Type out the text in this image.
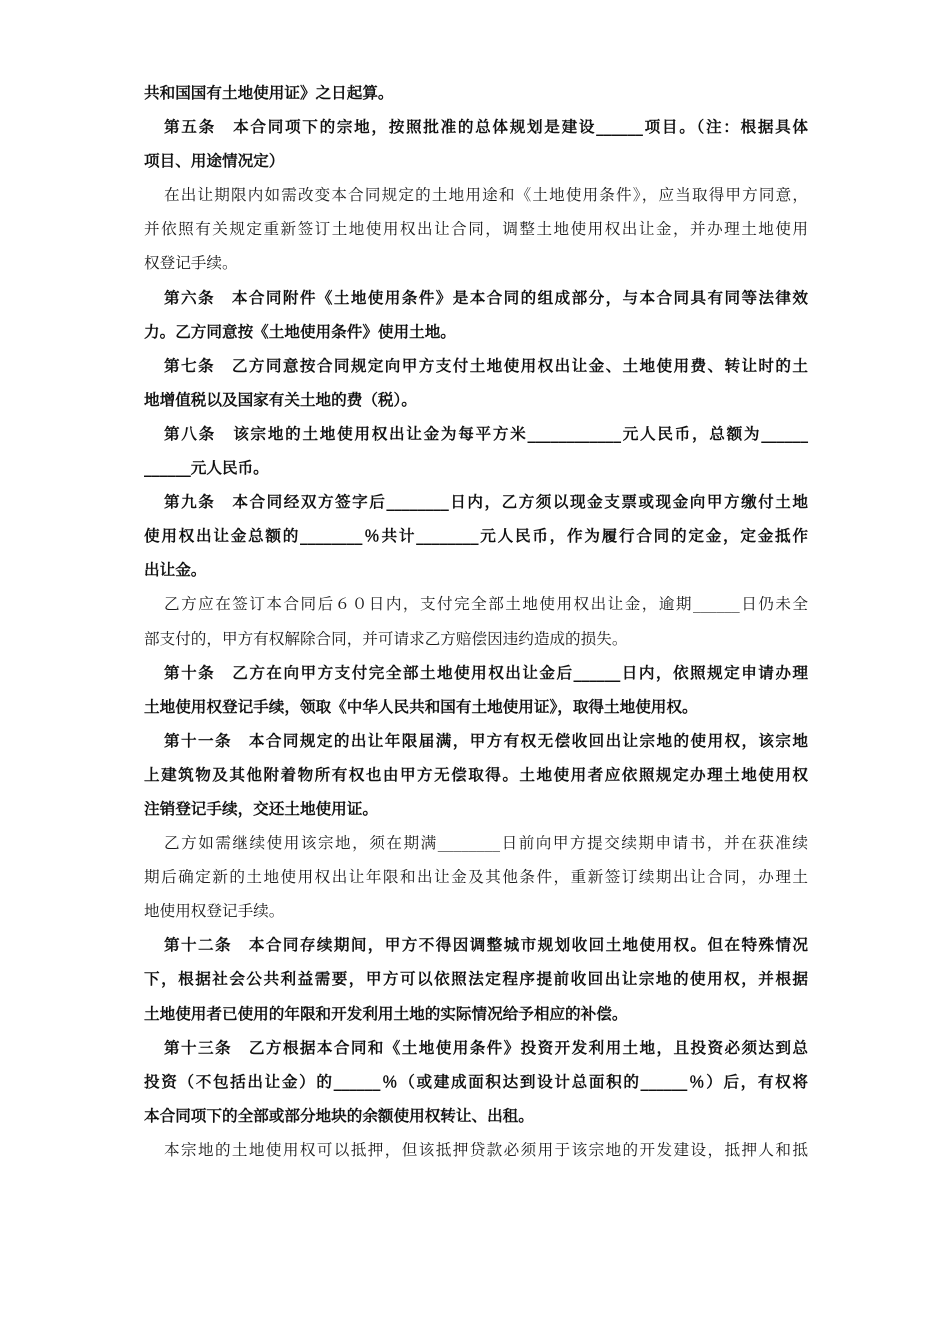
共和国国有土地使用证》之日起算。
第五条　本合同项下的宗地，按照批准的总体规划是建设______项目。（注：根据具体
项目、用途情况定）
在出让期限内如需改变本合同规定的土地用途和《土地使用条件》，应当取得甲方同意，
并依照有关规定重新签订土地使用权出让合同，调整土地使用权出让金，并办理土地使用
权登记手续。
第六条　本合同附件《土地使用条件》是本合同的组成部分，与本合同具有同等法律效
力。乙方同意按《土地使用条件》使用土地。
第七条　乙方同意按合同规定向甲方支付土地使用权出让金、土地使用费、转让时的土
地增值税以及国家有关土地的费（税）。
第八条　该宗地的土地使用权出让金为每平方米____________元人民币，总额为______
______元人民币。
第九条　本合同经双方签字后________日内，乙方须以现金支票或现金向甲方缴付土地
使用权出让金总额的________％共计________元人民币，作为履行合同的定金，定金抵作
出让金。
乙方应在签订本合同后６０日内，支付完全部土地使用权出让金，逾期______日仍未全
部支付的，甲方有权解除合同，并可请求乙方赔偿因违约造成的损失。
第十条　乙方在向甲方支付完全部土地使用权出让金后______日内，依照规定申请办理
土地使用权登记手续，领取《中华人民共和国有土地使用证》，取得土地使用权。
第十一条　本合同规定的出让年限届满，甲方有权无偿收回出让宗地的使用权，该宗地
上建筑物及其他附着物所有权也由甲方无偿取得。土地使用者应依照规定办理土地使用权
注销登记手续，交还土地使用证。
乙方如需继续使用该宗地，须在期满________日前向甲方提交续期申请书，并在获准续
期后确定新的土地使用权出让年限和出让金及其他条件，重新签订续期出让合同，办理土
地使用权登记手续。
第十二条　本合同存续期间，甲方不得因调整城市规划收回土地使用权。但在特殊情况
下，根据社会公共利益需要，甲方可以依照法定程序提前收回出让宗地的使用权，并根据
土地使用者已使用的年限和开发利用土地的实际情况给予相应的补偿。
第十三条　乙方根据本合同和《土地使用条件》投资开发利用土地，且投资必须达到总
投资（不包括出让金）的______％（或建成面积达到设计总面积的______％）后，有权将
本合同项下的全部或部分地块的余额使用权转让、出租。
本宗地的土地使用权可以抵押，但该抵押贷款必须用于该宗地的开发建设，抵押人和抵
